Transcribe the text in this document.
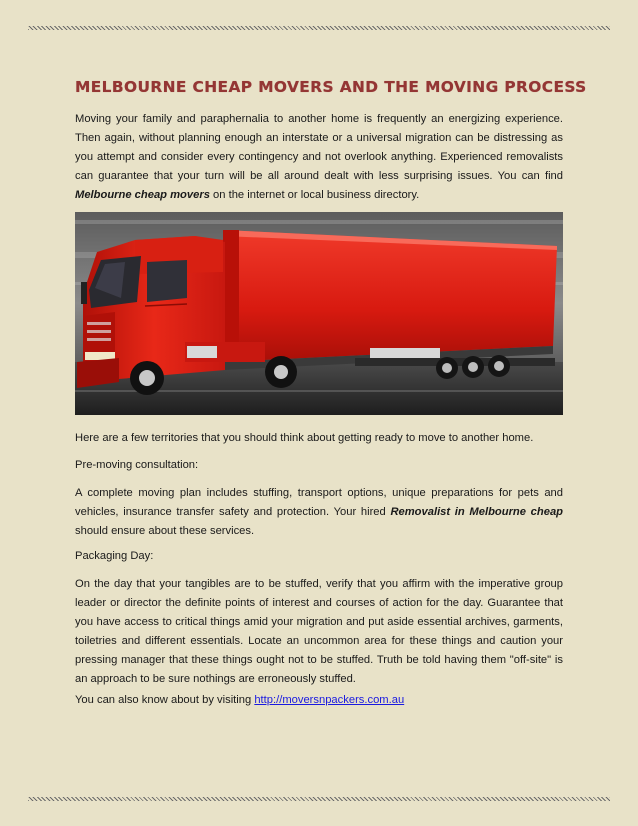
MELBOURNE CHEAP MOVERS AND THE MOVING PROCESS

Moving your family and paraphernalia to another home is frequently an energizing experience. Then again, without planning enough an interstate or a universal migration can be distressing as you attempt and consider every contingency and not overlook anything. Experienced removalists can guarantee that your turn will be all around dealt with less surprising issues. You can find Melbourne cheap movers on the internet or local business directory.

Here are a few territories that you should think about getting ready to move to another home.

Pre-moving consultation:

A complete moving plan includes stuffing, transport options, unique preparations for pets and vehicles, insurance transfer safety and protection. Your hired Removalist in Melbourne cheap should ensure about these services.

Packaging Day:

On the day that your tangibles are to be stuffed, verify that you affirm with the imperative group leader or director the definite points of interest and courses of action for the day. Guarantee that you have access to critical things amid your migration and put aside essential archives, garments, toiletries and different essentials. Locate an uncommon area for these things and caution your pressing manager that these things ought not to be stuffed. Truth be told having them "off-site" is an approach to be sure nothings are erroneously stuffed.

You can also know about by visiting http://moversnpackers.com.au
